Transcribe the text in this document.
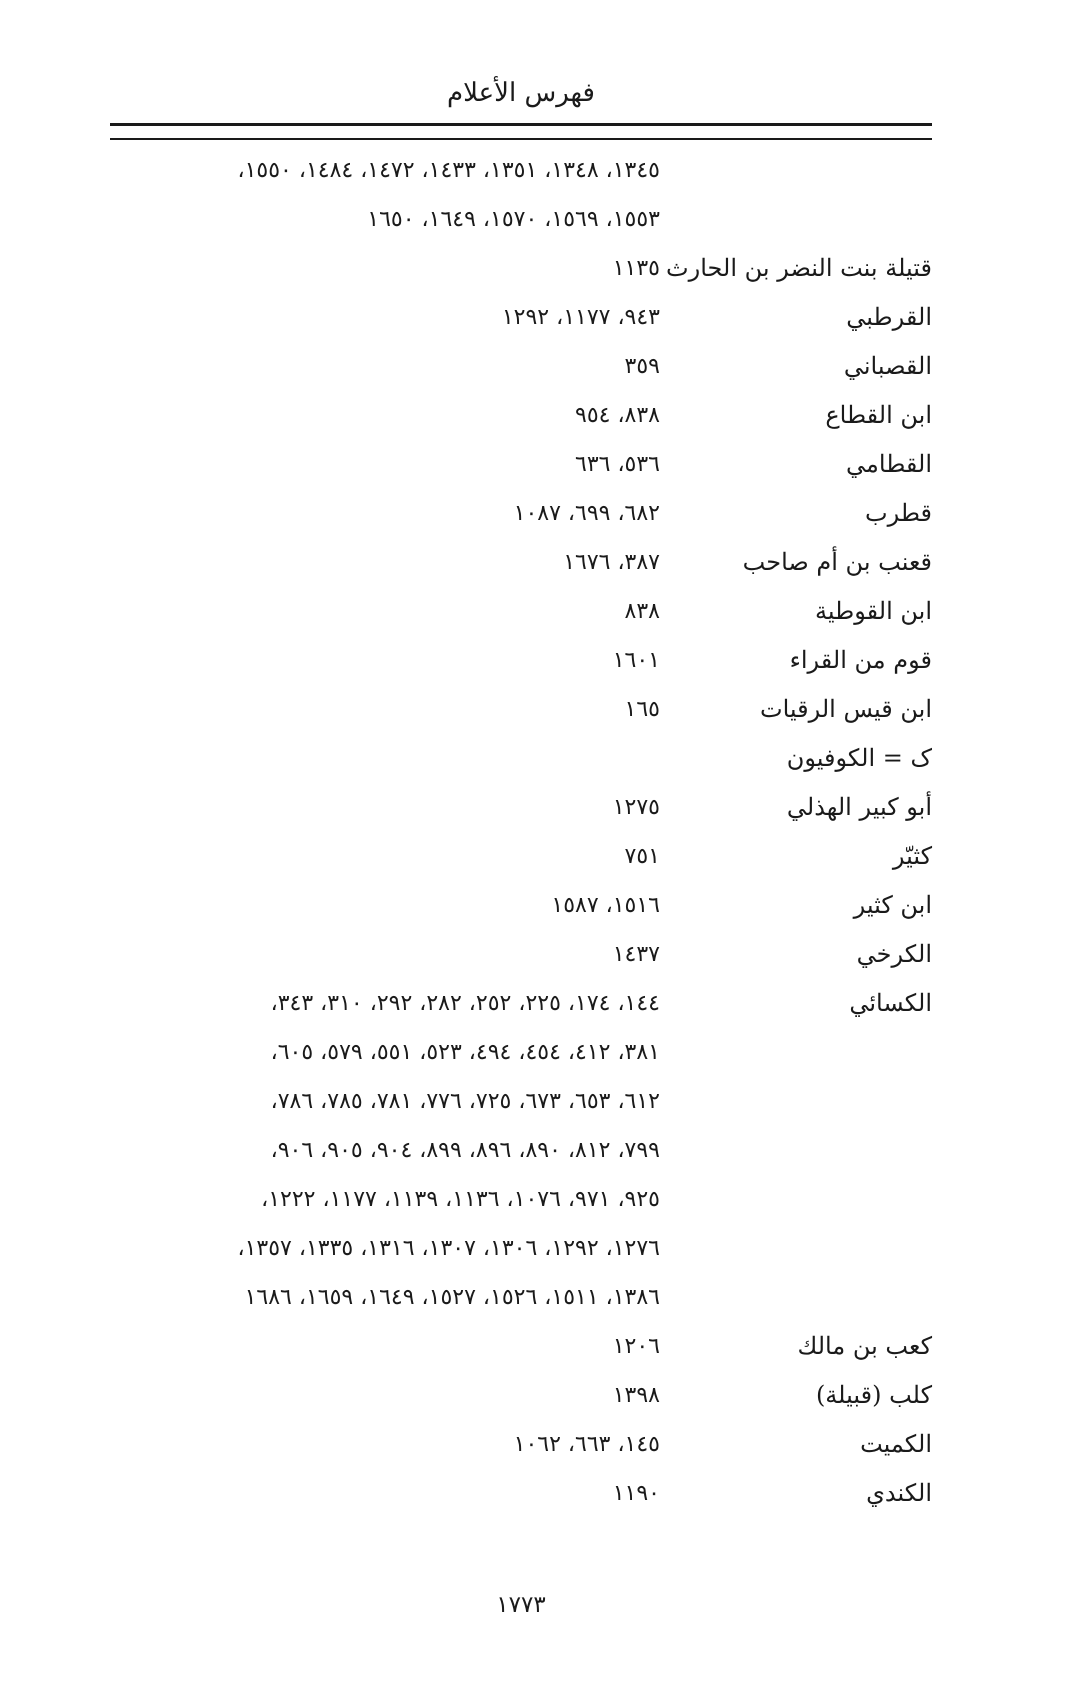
فهرس الأعلام
١٣٤٥، ١٣٤٨، ١٣٥١، ١٤٣٣، ١٤٧٢، ١٤٨٤، ١٥٥٠،
١٥٥٣، ١٥٦٩، ١٥٧٠، ١٦٤٩، ١٦٥٠
قتيلة بنت النضر بن الحارث
١١٣٥
القرطبي
٩٤٣، ١١٧٧، ١٢٩٢
القصباني
٣٥٩
ابن القطاع
٨٣٨، ٩٥٤
القطامي
٥٣٦، ٦٣٦
قطرب
٦٨٢، ٦٩٩، ١٠٨٧
قعنب بن أم صاحب
٣٨٧، ١٦٧٦
ابن القوطية
٨٣٨
قوم من القراء
١٦٠١
ابن قيس الرقيات
١٦٥
ک = الکوفیون
أبو كبير الهذلي
١٢٧٥
كثيّر
٧٥١
ابن كثير
١٥١٦، ١٥٨٧
الكرخي
١٤٣٧
الكسائي
١٤٤، ١٧٤، ٢٢٥، ٢٥٢، ٢٨٢، ٢٩٢، ٣١٠، ٣٤٣،
٣٨١، ٤١٢، ٤٥٤، ٤٩٤، ٥٢٣، ٥٥١، ٥٧٩، ٦٠٥،
٦١٢، ٦٥٣، ٦٧٣، ٧٢٥، ٧٧٦، ٧٨١، ٧٨٥، ٧٨٦،
٧٩٩، ٨١٢، ٨٩٠، ٨٩٦، ٨٩٩، ٩٠٤، ٩٠٥، ٩٠٦،
٩٢٥، ٩٧١، ١٠٧٦، ١١٣٦، ١١٣٩، ١١٧٧، ١٢٢٢،
١٢٧٦، ١٢٩٢، ١٣٠٦، ١٣٠٧، ١٣١٦، ١٣٣٥، ١٣٥٧،
١٣٨٦، ١٥١١، ١٥٢٦، ١٥٢٧، ١٦٤٩، ١٦٥٩، ١٦٨٦
كعب بن مالك
١٢٠٦
كلب (قبيلة)
١٣٩٨
الكميت
١٤٥، ٦٦٣، ١٠٦٢
الكندي
١١٩٠
١٧٧٣
